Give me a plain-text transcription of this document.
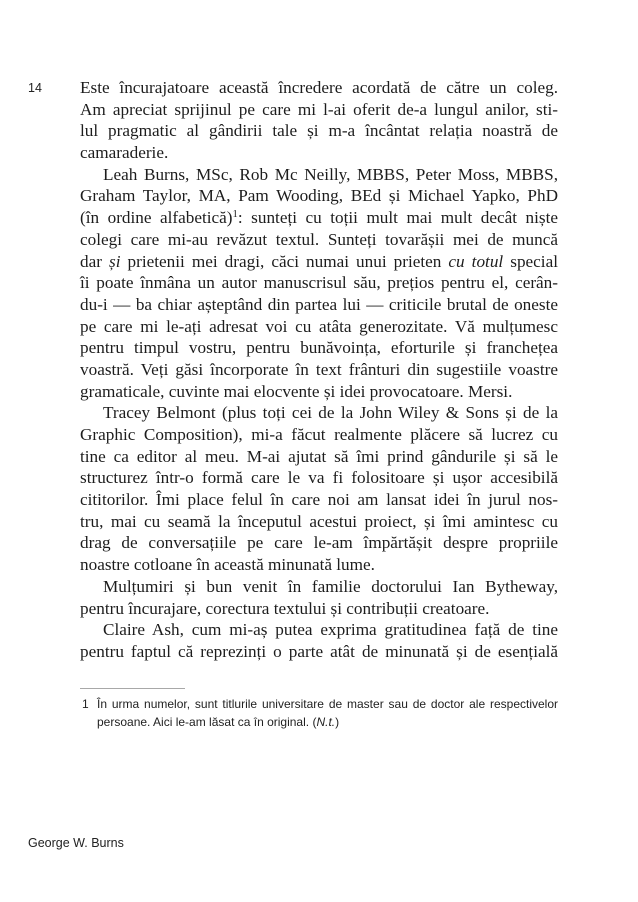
14 Este încurajatoare această încredere acordată de către un coleg.
Am apreciat sprijinul pe care mi l-ai oferit de-a lungul anilor, sti-
lul pragmatic al gândirii tale și m-a încântat relația noastră de
camaraderie.
Leah Burns, MSc, Rob Mc Neilly, MBBS, Peter Moss, MBBS,
Graham Taylor, MA, Pam Wooding, BEd și Michael Yapko, PhD
(în ordine alfabetică)$^1$: sunteți cu toții mult mai mult decât niște
colegi care mi-au revăzut textul. Sunteți tovarășii mei de muncă
dar și prietenii mei dragi, căci numai unui prieten cu totul special
îi poate înmâna un autor manuscrisul său, prețios pentru el, cerân-
du-i — ba chiar așteptând din partea lui — criticile brutal de oneste
pe care mi le-ați adresat voi cu atâta generozitate. Vă mulțumesc
pentru timpul vostru, pentru bunăvoința, eforturile și franchețea
voastră. Veți găsi încorporate în text frânturi din sugestiile voastre
gramaticale, cuvinte mai elocvente și idei provocatoare. Mersi.
Tracey Belmont (plus toți cei de la John Wiley & Sons și de la
Graphic Composition), mi-a făcut realmente plăcere să lucrez cu
tine ca editor al meu. M-ai ajutat să îmi prind gândurile și să le
structurez într-o formă care le va fi folositoare și ușor accesibilă
cititorilor. Îmi place felul în care noi am lansat idei în jurul nos-
tru, mai cu seamă la începutul acestui proiect, și îmi amintesc cu
drag de conversațiile pe care le-am împărtășit despre propriile
noastre cotloane în această minunată lume.
Mulțumiri și bun venit în familie doctorului Ian Bytheway,
pentru încurajare, corectura textului și contribuții creatoare.
Claire Ash, cum mi-aș putea exprima gratitudinea față de tine
pentru faptul că reprezinți o parte atât de minunată și de esențială
1 În urma numelor, sunt titlurile universitare de master sau de doctor ale respectivelor
persoane. Aici le-am lăsat ca în original. (N.t.)
George W. Burns
